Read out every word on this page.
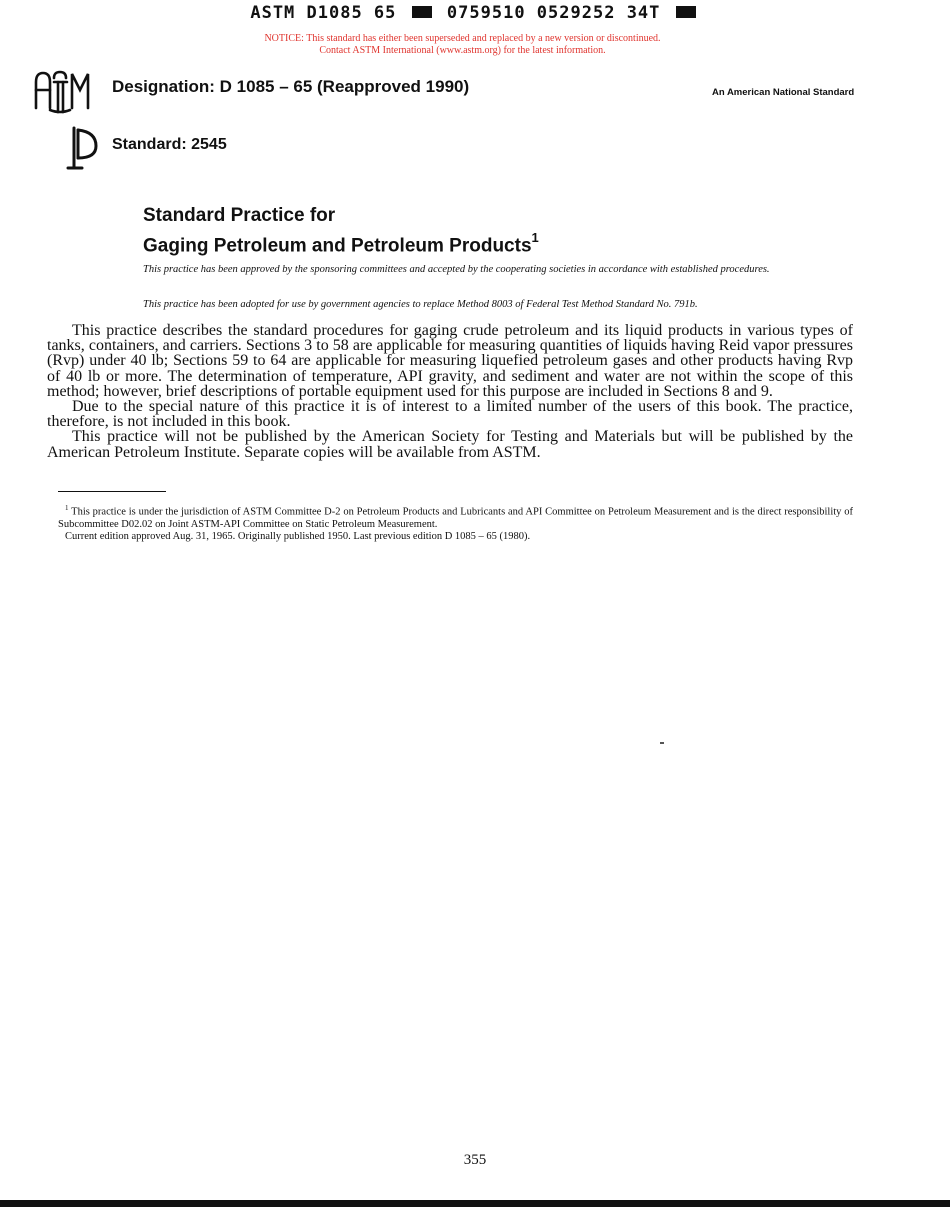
ASTM D1085 65	0759510 0529252 34T
NOTICE: This standard has either been superseded and replaced by a new version or discontinued.
Contact ASTM International (www.astm.org) for the latest information.
Designation: D 1085 – 65 (Reapproved 1990)	An American National Standard
Standard: 2545
Standard Practice for
Gaging Petroleum and Petroleum Products$^1$
This practice has been approved by the sponsoring committees and accepted by the cooperating societies in accordance with established procedures.
This practice has been adopted for use by government agencies to replace Method 8003 of Federal Test Method Standard No. 791b.

This practice describes the standard procedures for gaging crude petroleum and its liquid products in various types of tanks, containers, and carriers. Sections 3 to 58 are applicable for measuring quantities of liquids having Reid vapor pressures (Rvp) under 40 lb; Sections 59 to 64 are applicable for measuring liquefied petroleum gases and other products having Rvp of 40 lb or more. The determination of temperature, API gravity, and sediment and water are not within the scope of this method; however, brief descriptions of portable equipment used for this purpose are included in Sections 8 and 9.

Due to the special nature of this practice it is of interest to a limited number of the users of this book. The practice, therefore, is not included in this book.

This practice will not be published by the American Society for Testing and Materials but will be published by the American Petroleum Institute. Separate copies will be available from ASTM.

$^1$ This practice is under the jurisdiction of ASTM Committee D-2 on Petroleum Products and Lubricants and API Committee on Petroleum Measurement and is the direct responsibility of Subcommittee D02.02 on Joint ASTM-API Committee on Static Petroleum Measurement.

Current edition approved Aug. 31, 1965. Originally published 1950. Last previous edition D 1085 – 65 (1980).

355
